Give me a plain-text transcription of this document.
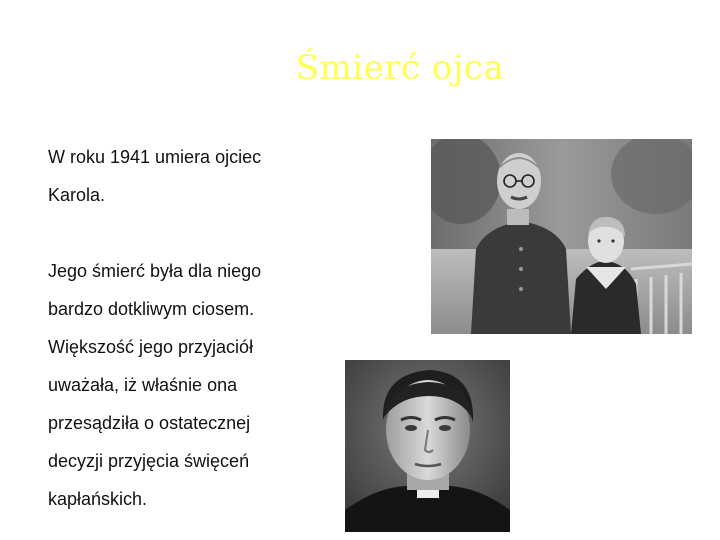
Śmierć ojca

W roku 1941 umiera ojciec

Karola.

Jego śmierć była dla niego

bardzo dotkliwym ciosem.

Większość jego przyjaciół

uważała, iż właśnie ona

przesądziła o ostatecznej

decyzji przyjęcia święceń

kapłańskich.
